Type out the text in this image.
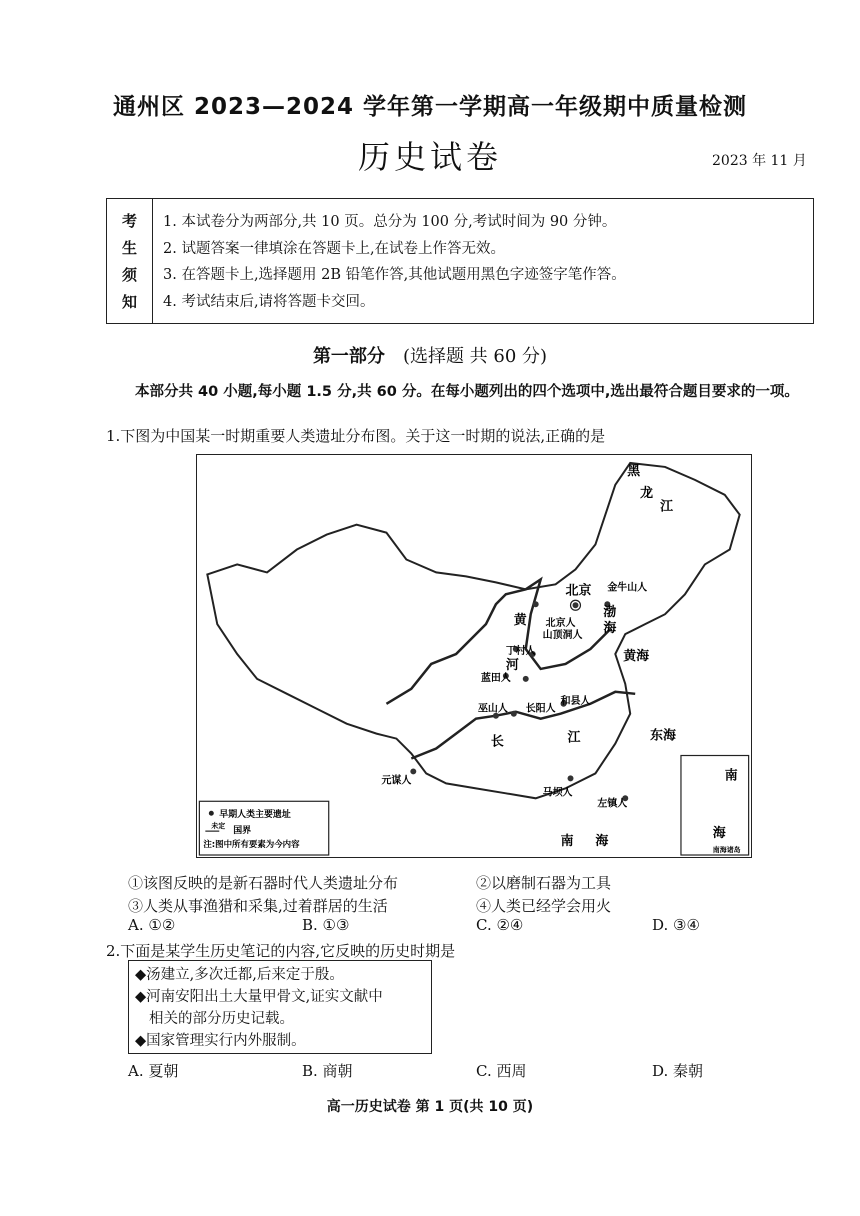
通州区 2023—2024 学年第一学期高一年级期中质量检测
历史试卷	2023 年 11 月
考
生
须
知
1. 本试卷分为两部分,共 10 页。总分为 100 分,考试时间为 90 分钟。
2. 试题答案一律填涂在答题卡上,在试卷上作答无效。
3. 在答题卡上,选择题用 2B 铅笔作答,其他试题用黑色字迹签字笔作答。
4. 考试结束后,请将答题卡交回。
第一部分 (选择题 共 60 分)
本部分共 40 小题,每小题 1.5 分,共 60 分。在每小题列出的四个选项中,选出最符合题目要求的一项。
1.下图为中国某一时期重要人类遗址分布图。关于这一时期的说法,正确的是
北京 金牛山人
北京人
山顶洞人
丁村人
蓝田人
和县人
巫山人 长阳人
元谋人
马坝人
左镇人
渤
海
黄海
东海
南 海
黄
河
长	江
黑
龙
江
南
海
南海诸岛
早期人类主要遗址
未定 国界
注:图中所有要素为今内容
①该图反映的是新石器时代人类遗址分布	②以磨制石器为工具
③人类从事渔猎和采集,过着群居的生活	④人类已经学会用火
A. ①②	B. ①③	C. ②④	D. ③④
2.下面是某学生历史笔记的内容,它反映的历史时期是
◆汤建立,多次迁都,后来定于殷。
◆河南安阳出土大量甲骨文,证实文献中
相关的部分历史记载。
◆国家管理实行内外服制。
A. 夏朝	B. 商朝	C. 西周	D. 秦朝
高一历史试卷 第 1 页(共 10 页)
